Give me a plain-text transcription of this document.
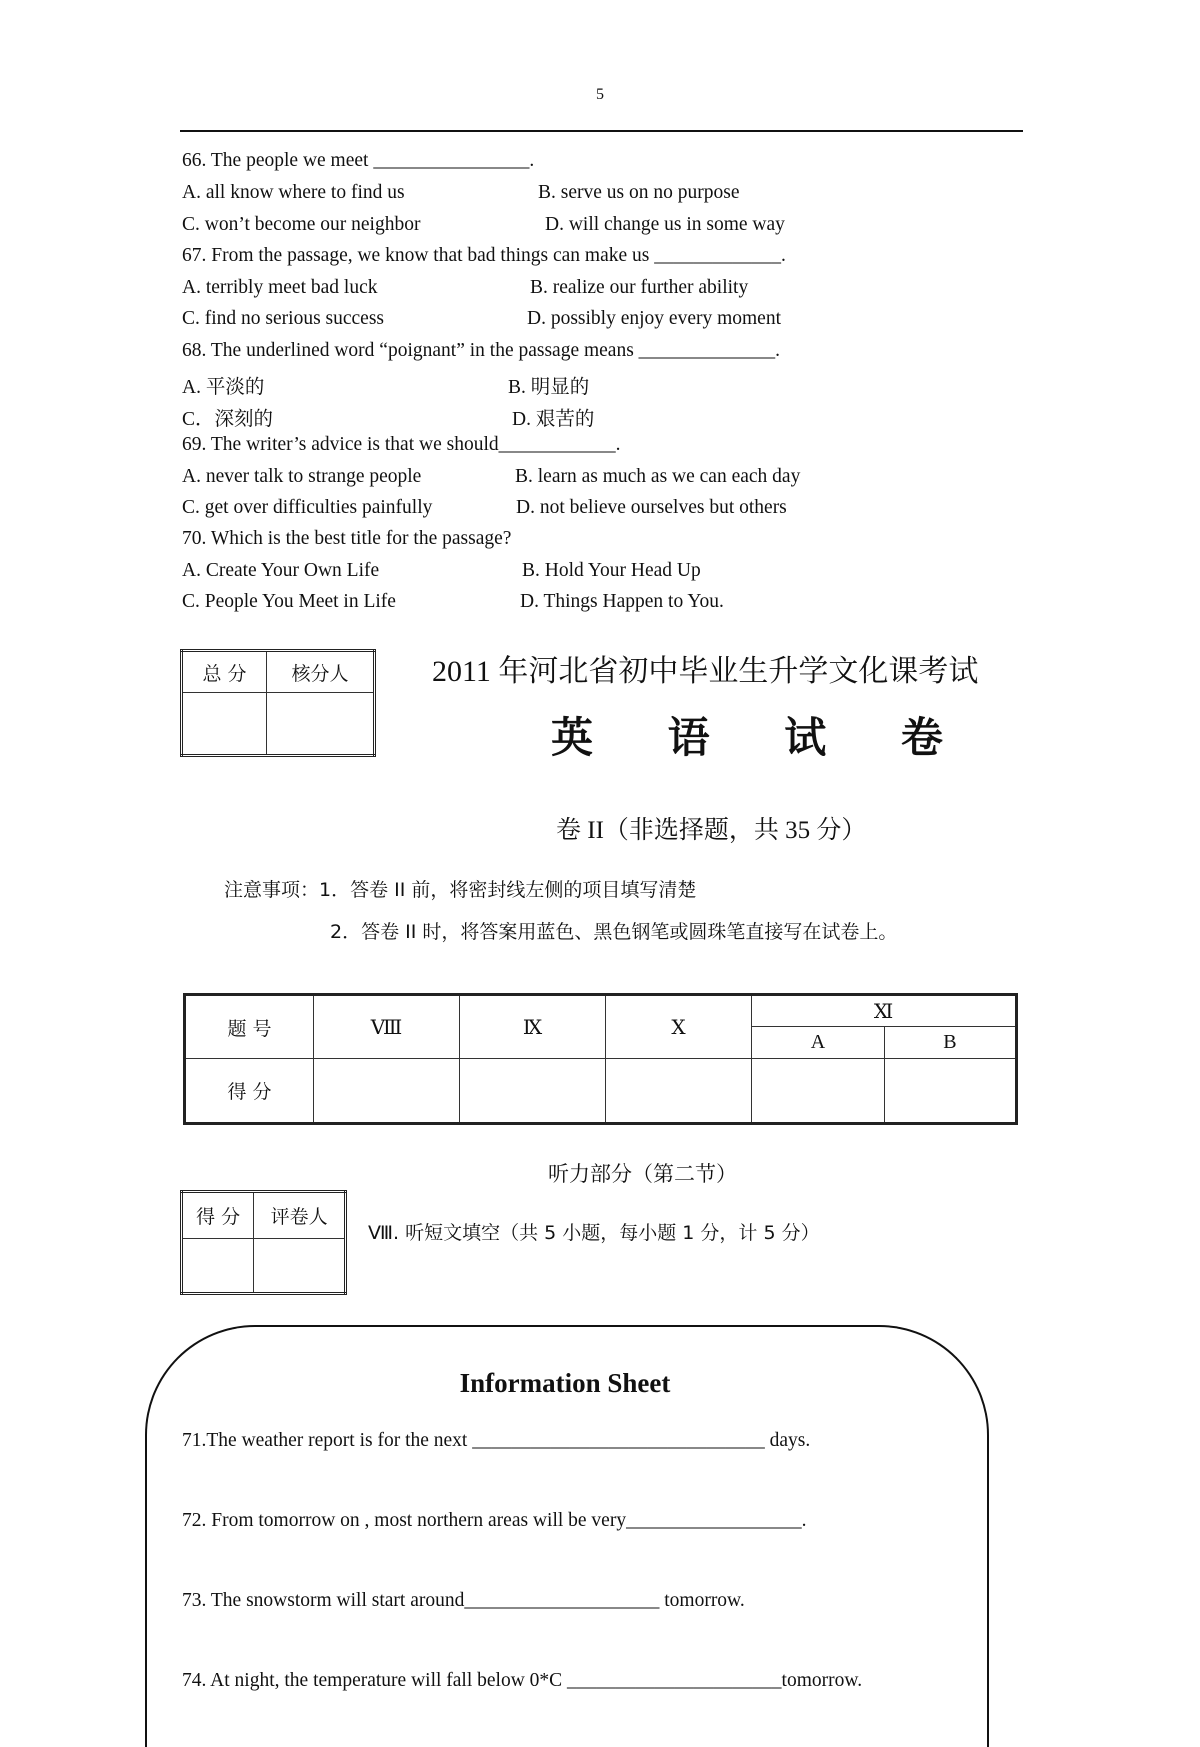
5
66. The people we meet ________________.
A. all know where to find us	B. serve us on no purpose
C. won’t become our neighbor	D. will change us in some way
67. From the passage, we know that bad things can make us _____________.
A. terribly meet bad luck	B. realize our further ability
C. find no serious success	D. possibly enjoy every moment
68. The underlined word “poignant” in the passage means ______________.
A. 平淡的	B. 明显的
C．深刻的	D. 艰苦的
69. The writer’s advice is that we should____________.
A. never talk to strange people	B. learn as much as we can each day
C. get over difficulties painfully	D. not believe ourselves but others
70. Which is the best title for the passage?
A. Create Your Own Life	B. Hold Your Head Up
C. People You Meet in Life	D. Things Happen to You.
总 分	核分人
		2011 年河北省初中毕业生升学文化课考试
英 语 试 卷
卷 II（非选择题，共 35 分）
注意事项：1．答卷 II 前，将密封线左侧的项目填写清楚
2．答卷 II 时，将答案用蓝色、黑色钢笔或圆珠笔直接写在试卷上。
题 号	Ⅷ	Ⅸ	Ⅹ	Ⅺ	
				A	B
得 分					
听力部分（第二节）
得 分	评卷人

Ⅷ. 听短文填空（共 5 小题，每小题 1 分，计 5 分）
Information Sheet
71.The weather report is for the next ______________________________ days.
72. From tomorrow on , most northern areas will be very__________________.
73. The snowstorm will start around____________________ tomorrow.
74. At night, the temperature will fall below 0*C ______________________tomorrow.
